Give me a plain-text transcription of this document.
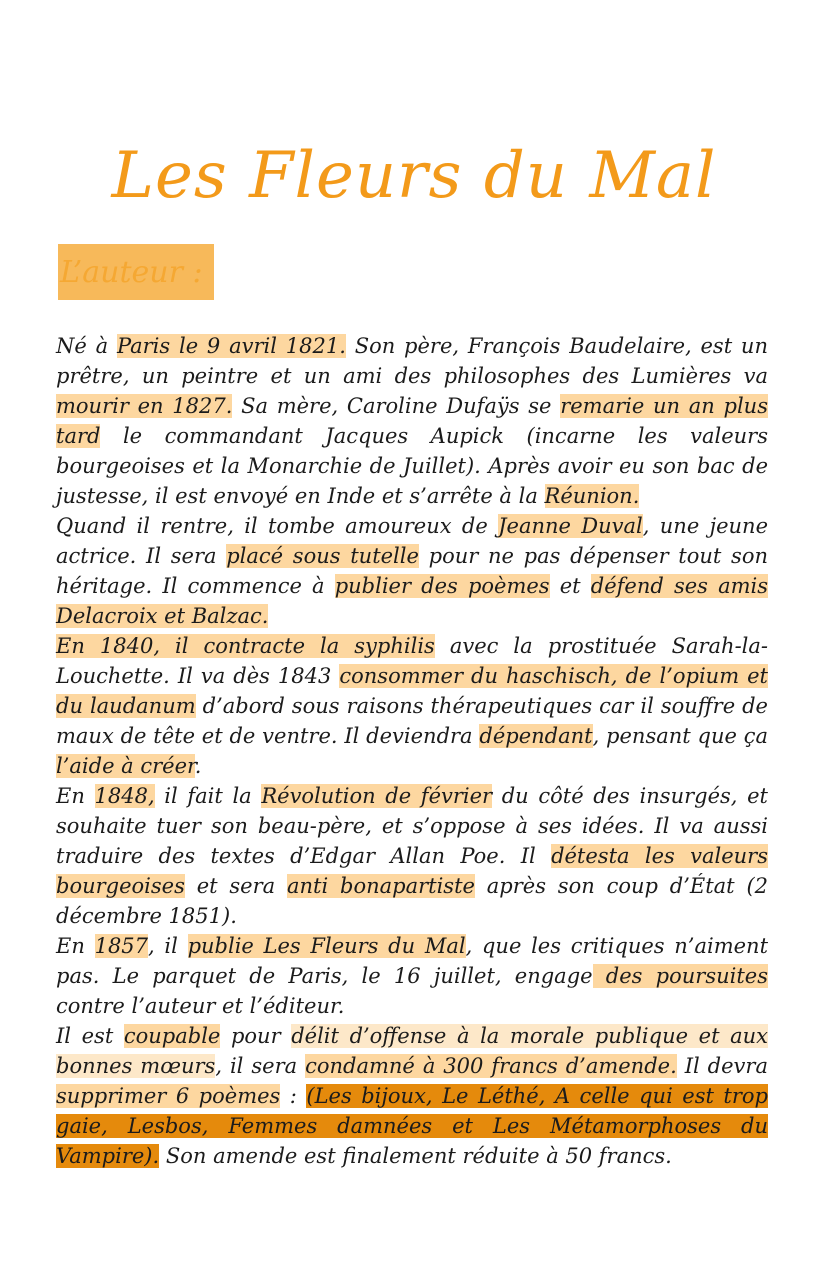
Les Fleurs du Mal
L’auteur :

Né à Paris le 9 avril 1821. Son père, François Baudelaire, est un prêtre, un peintre et un ami des philosophes des Lumières va mourir en 1827. Sa mère, Caroline Dufaÿs se remarie un an plus tard le commandant Jacques Aupick (incarne les valeurs bourgeoises et la Monarchie de Juillet). Après avoir eu son bac de justesse, il est envoyé en Inde et s’arrête à la Réunion.

Quand il rentre, il tombe amoureux de Jeanne Duval, une jeune actrice. Il sera placé sous tutelle pour ne pas dépenser tout son héritage. Il commence à publier des poèmes et défend ses amis Delacroix et Balzac.

En 1840, il contracte la syphilis avec la prostituée Sarah-la-Louchette. Il va dès 1843 consommer du haschisch, de l’opium et du laudanum d’abord sous raisons thérapeutiques car il souffre de maux de tête et de ventre. Il deviendra dépendant, pensant que ça l’aide à créer.

En 1848, il fait la Révolution de février du côté des insurgés, et souhaite tuer son beau-père, et s’oppose à ses idées. Il va aussi traduire des textes d’Edgar Allan Poe. Il détesta les valeurs bourgeoises et sera anti bonapartiste après son coup d’État (2 décembre 1851).

En 1857, il publie Les Fleurs du Mal, que les critiques n’aiment pas. Le parquet de Paris, le 16 juillet, engage des poursuites contre l’auteur et l’éditeur.

Il est coupable pour délit d’offense à la morale publique et aux bonnes mœurs, il sera condamné à 300 francs d’amende. Il devra supprimer 6 poèmes : (Les bijoux, Le Léthé, A celle qui est trop gaie, Lesbos, Femmes damnées et Les Métamorphoses du Vampire). Son amende est finalement réduite à 50 francs.
